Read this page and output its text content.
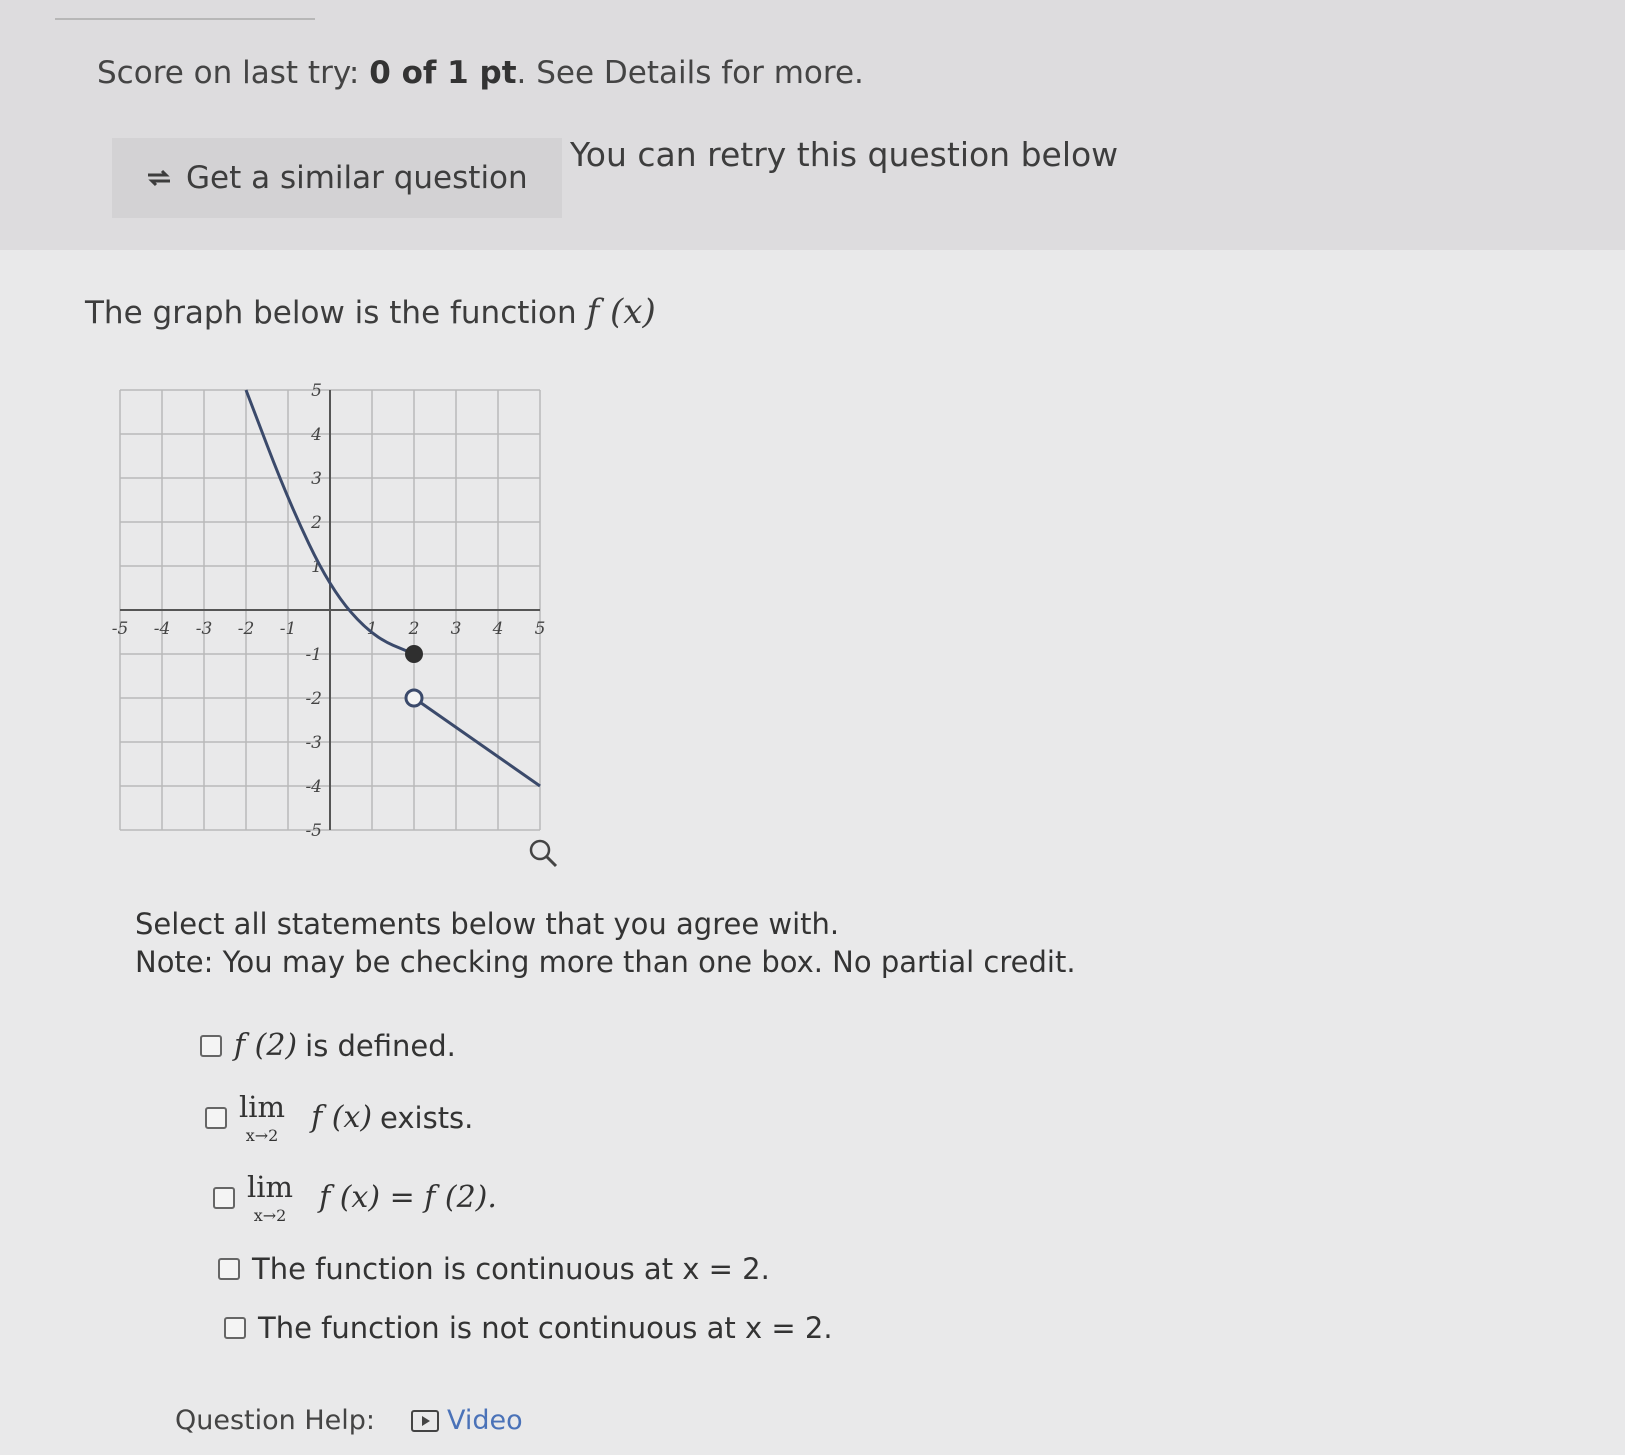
Score on last try: 0 of 1 pt. See Details for more.
Get a similar question
You can retry this question below
The graph below is the function f (x)
-5 -4 -3 -2 -1	1 2 3 4 5
5
4
3
2
1
-1
-2
-3
-4
-5
Select all statements below that you agree with.
Note: You may be checking more than one box. No partial credit.
f (2) is defined.
lim
x→2
f (x) exists.
lim
x→2
f (x) = f (2).
The function is continuous at x = 2.
The function is not continuous at x = 2.
Question Help:	Video
